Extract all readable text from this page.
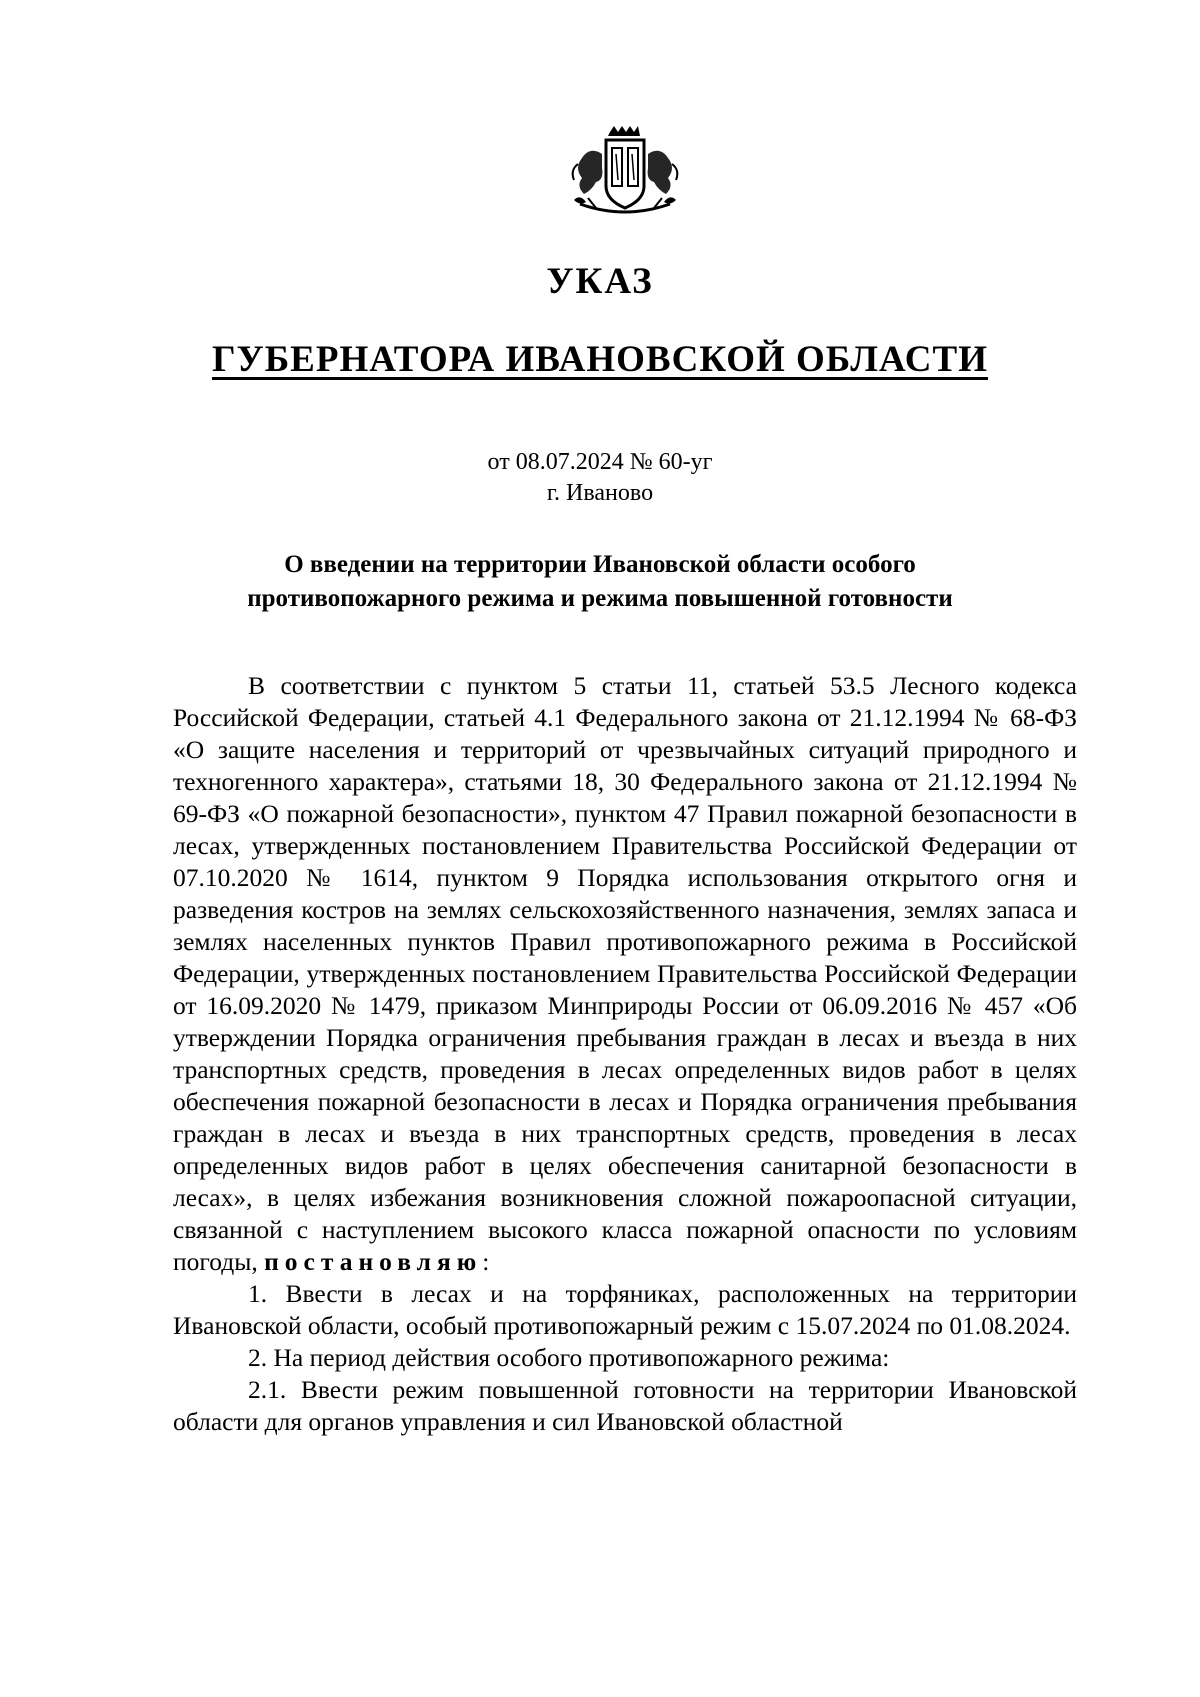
УКАЗ
ГУБЕРНАТОРА ИВАНОВСКОЙ ОБЛАСТИ
от 08.07.2024 № 60-уг
г. Иваново
О введении на территории Ивановской области особого
противопожарного режима и режима повышенной готовности

В соответствии с пунктом 5 статьи 11, статьей 53.5 Лесного кодекса Российской Федерации, статьей 4.1 Федерального закона от 21.12.1994 № 68-ФЗ «О защите населения и территорий от чрезвычайных ситуаций природного и техногенного характера», статьями 18, 30 Федерального закона от 21.12.1994 № 69-ФЗ «О пожарной безопасности», пунктом 47 Правил пожарной безопасности в лесах, утвержденных постановлением Правительства Российской Федерации от 07.10.2020 № 1614, пунктом 9 Порядка использования открытого огня и разведения костров на землях сельскохозяйственного назначения, землях запаса и землях населенных пунктов Правил противопожарного режима в Российской Федерации, утвержденных постановлением Правительства Российской Федерации от 16.09.2020 № 1479, приказом Минприроды России от 06.09.2016 № 457 «Об утверждении Порядка ограничения пребывания граждан в лесах и въезда в них транспортных средств, проведения в лесах определенных видов работ в целях обеспечения пожарной безопасности в лесах и Порядка ограничения пребывания граждан в лесах и въезда в них транспортных средств, проведения в лесах определенных видов работ в целях обеспечения санитарной безопасности в лесах», в целях избежания возникновения сложной пожароопасной ситуации, связанной с наступлением высокого класса пожарной опасности по условиям погоды, постановляю:

1. Ввести в лесах и на торфяниках, расположенных на территории Ивановской области, особый противопожарный режим с 15.07.2024 по 01.08.2024.

2. На период действия особого противопожарного режима:

2.1. Ввести режим повышенной готовности на территории Ивановской области для органов управления и сил Ивановской областной
